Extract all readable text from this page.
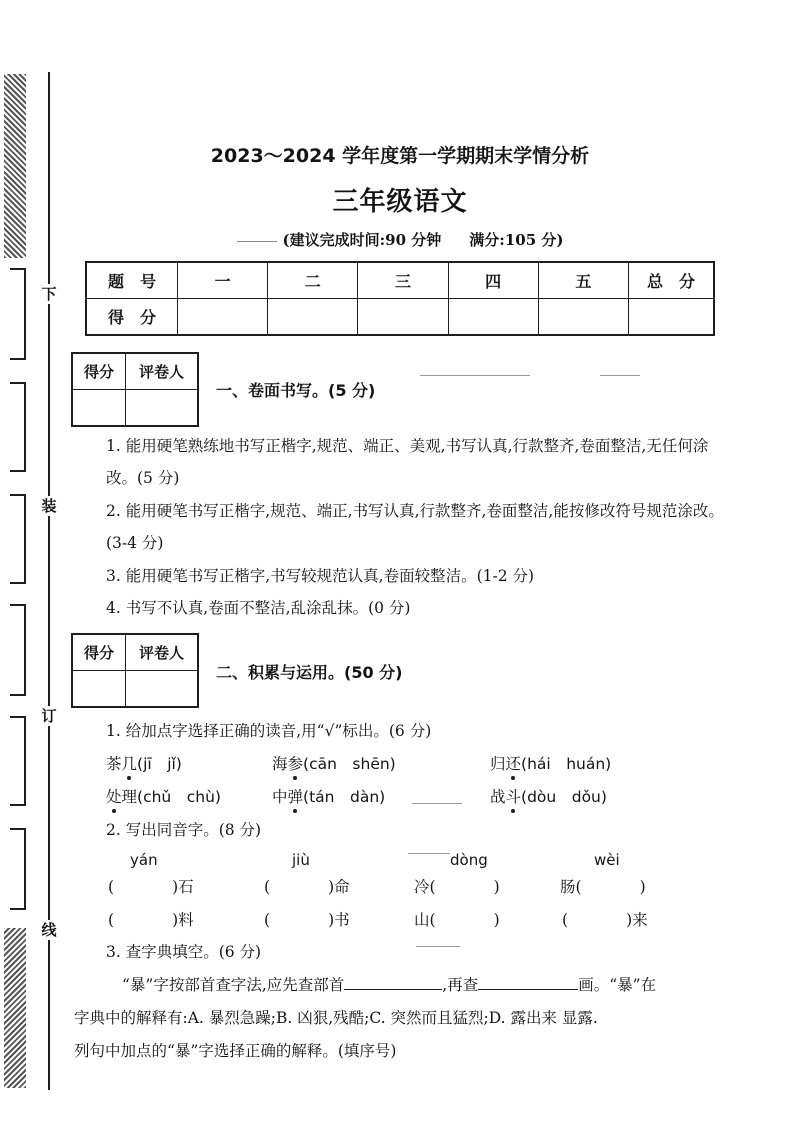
下
装
订
线
2023～2024 学年度第一学期期末学情分析
三年级语文
(建议完成时间:90 分钟 满分:105 分)
题　号	一	二	三	四	五	总　分
得　分						
得分	评卷人

一、卷面书写。(5 分)
1. 能用硬笔熟练地书写正楷字,规范、端正、美观,书写认真,行款整齐,卷面整洁,无任何涂改。(5 分)
2. 能用硬笔书写正楷字,规范、端正,书写认真,行款整齐,卷面整洁,能按修改符号规范涂改。(3-4 分)
3. 能用硬笔书写正楷字,书写较规范认真,卷面较整洁。(1-2 分)
4. 书写不认真,卷面不整洁,乱涂乱抹。(0 分)
得分	评卷人

二、积累与运用。(50 分)
1. 给加点字选择正确的读音,用“√”标出。(6 分)
茶几(jī　jǐ)	海参(cān　shēn)	归还(hái　huán)
处理(chǔ　chù)	中弹(tán　dàn)	战斗(dòu　dǒu)
2. 写出同音字。(8 分)
yán	jiù	dòng	wèi
(	)石	(	)命	冷(	)	肠(	)
(	)料	(	)书	山(	)	(	)来
3. 查字典填空。(6 分)
“暴”字按部首查字法,应先查部首	,再查	画。“暴”在
字典中的解释有:A. 暴烈急躁;B. 凶狠,残酷;C. 突然而且猛烈;D. 露出来 显露.
列句中加点的“暴”字选择正确的解释。(填序号)
